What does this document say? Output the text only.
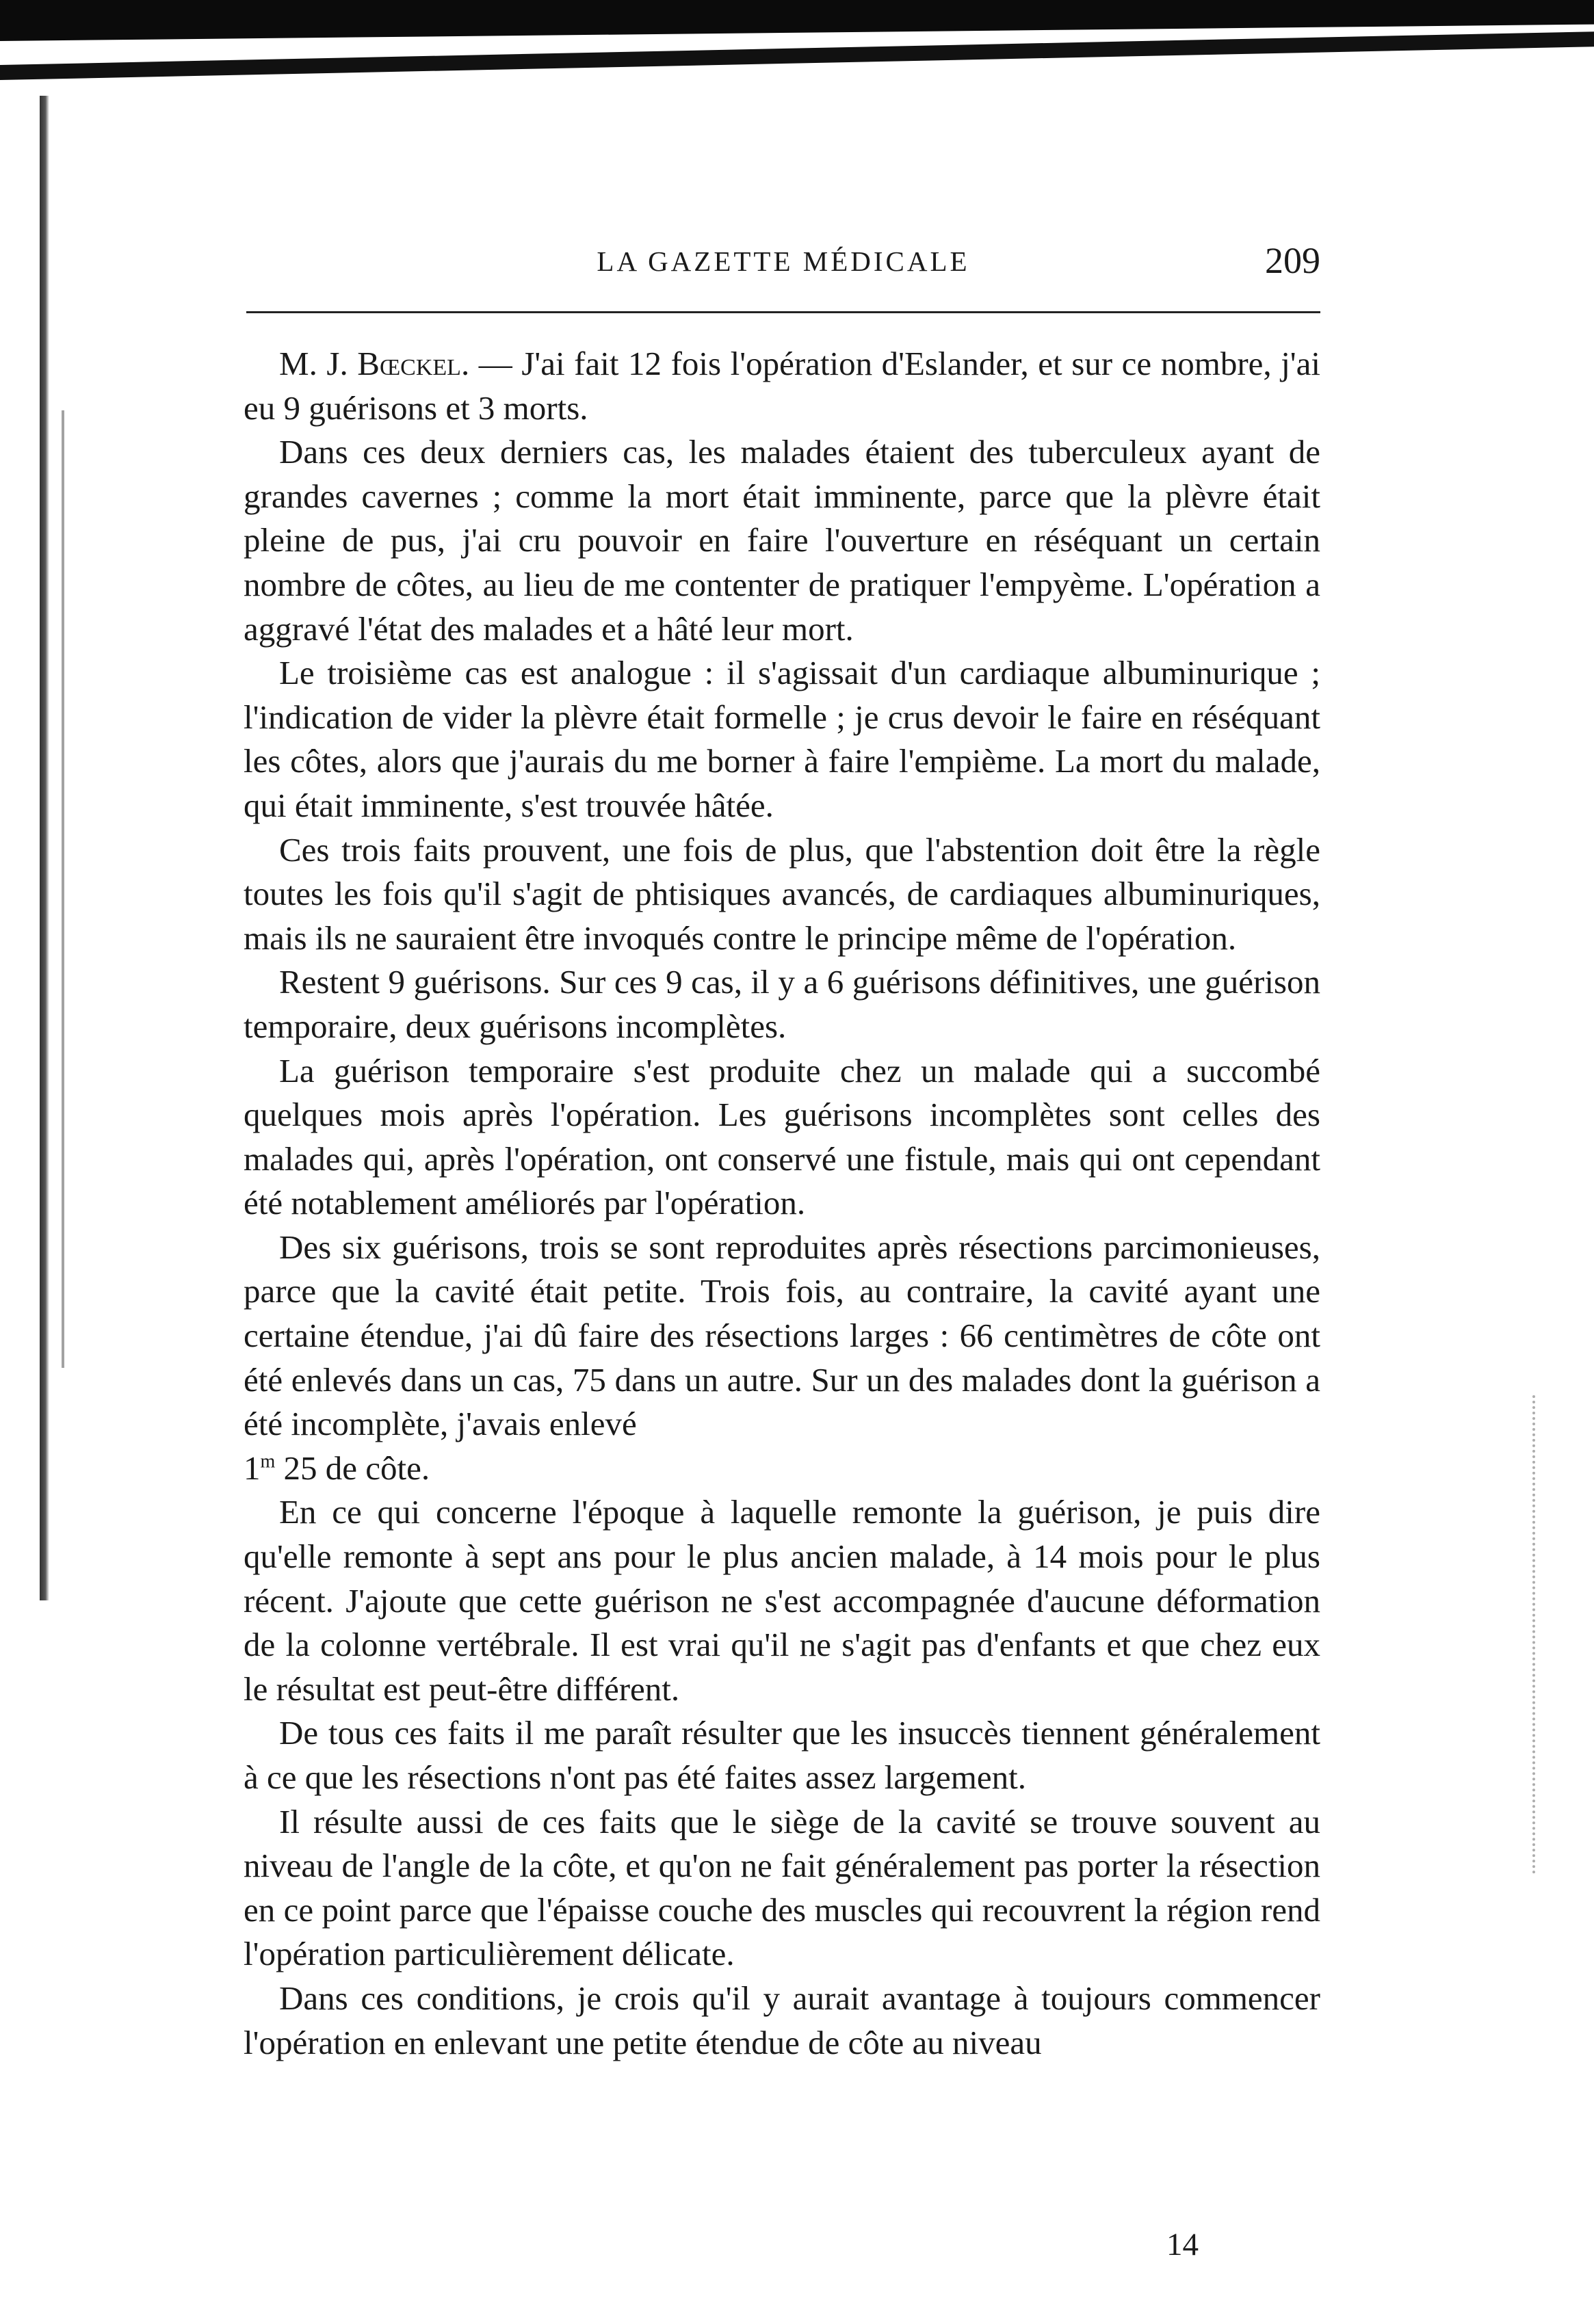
LA GAZETTE MÉDICALE	209

M. J. Bœckel. — J'ai fait 12 fois l'opération d'Eslander, et sur ce nombre, j'ai eu 9 guérisons et 3 morts.

Dans ces deux derniers cas, les malades étaient des tuberculeux ayant de grandes cavernes ; comme la mort était imminente, parce que la plèvre était pleine de pus, j'ai cru pouvoir en faire l'ouverture en réséquant un certain nombre de côtes, au lieu de me contenter de pratiquer l'empyème. L'opération a aggravé l'état des malades et a hâté leur mort.

Le troisième cas est analogue : il s'agissait d'un cardiaque albuminurique ; l'indication de vider la plèvre était formelle ; je crus devoir le faire en réséquant les côtes, alors que j'aurais du me borner à faire l'empième. La mort du malade, qui était imminente, s'est trouvée hâtée.

Ces trois faits prouvent, une fois de plus, que l'abstention doit être la règle toutes les fois qu'il s'agit de phtisiques avancés, de cardiaques albuminuriques, mais ils ne sauraient être invoqués contre le principe même de l'opération.

Restent 9 guérisons. Sur ces 9 cas, il y a 6 guérisons définitives, une guérison temporaire, deux guérisons incomplètes.

La guérison temporaire s'est produite chez un malade qui a succombé quelques mois après l'opération. Les guérisons incomplètes sont celles des malades qui, après l'opération, ont conservé une fistule, mais qui ont cependant été notablement améliorés par l'opération.

Des six guérisons, trois se sont reproduites après résections parcimonieuses, parce que la cavité était petite. Trois fois, au contraire, la cavité ayant une certaine étendue, j'ai dû faire des résections larges : 66 centimètres de côte ont été enlevés dans un cas, 75 dans un autre. Sur un des malades dont la guérison a été incomplète, j'avais enlevé
1$^m$ 25 de côte.

En ce qui concerne l'époque à laquelle remonte la guérison, je puis dire qu'elle remonte à sept ans pour le plus ancien malade, à 14 mois pour le plus récent. J'ajoute que cette guérison ne s'est accompagnée d'aucune déformation de la colonne vertébrale. Il est vrai qu'il ne s'agit pas d'enfants et que chez eux le résultat est peut-être différent.

De tous ces faits il me paraît résulter que les insuccès tiennent généralement à ce que les résections n'ont pas été faites assez largement.

Il résulte aussi de ces faits que le siège de la cavité se trouve souvent au niveau de l'angle de la côte, et qu'on ne fait généralement pas porter la résection en ce point parce que l'épaisse couche des muscles qui recouvrent la région rend l'opération particulièrement délicate.

Dans ces conditions, je crois qu'il y aurait avantage à toujours commencer l'opération en enlevant une petite étendue de côte au niveau

14
